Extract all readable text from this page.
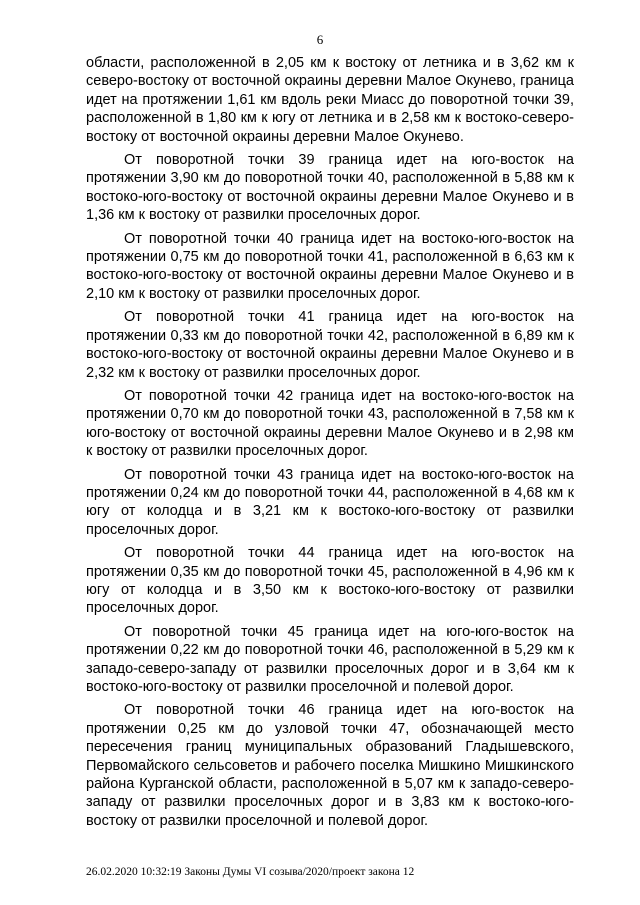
6

области, расположенной в 2,05 км к востоку от летника и в 3,62 км к северо-востоку от восточной окраины деревни Малое Окунево, граница идет на протяжении 1,61 км вдоль реки Миасс до поворотной точки 39, расположенной в 1,80 км к югу от летника и в 2,58 км к востоко-северо-востоку от восточной окраины деревни Малое Окунево.

От поворотной точки 39 граница идет на юго-восток на протяжении 3,90 км до поворотной точки 40, расположенной в 5,88 км к востоко-юго-востоку от восточной окраины деревни Малое Окунево и в 1,36 км к востоку от развилки проселочных дорог.

От поворотной точки 40 граница идет на востоко-юго-восток на протяжении 0,75 км до поворотной точки 41, расположенной в 6,63 км к востоко-юго-востоку от восточной окраины деревни Малое Окунево и в 2,10 км к востоку от развилки проселочных дорог.

От поворотной точки 41 граница идет на юго-восток на протяжении 0,33 км до поворотной точки 42, расположенной в 6,89 км к востоко-юго-востоку от восточной окраины деревни Малое Окунево и в 2,32 км к востоку от развилки проселочных дорог.

От поворотной точки 42 граница идет на востоко-юго-восток на протяжении 0,70 км до поворотной точки 43, расположенной в 7,58 км к юго-востоку от восточной окраины деревни Малое Окунево и в 2,98 км к востоку от развилки проселочных дорог.

От поворотной точки 43 граница идет на востоко-юго-восток на протяжении 0,24 км до поворотной точки 44, расположенной в 4,68 км к югу от колодца и в 3,21 км к востоко-юго-востоку от развилки проселочных дорог.

От поворотной точки 44 граница идет на юго-восток на протяжении 0,35 км до поворотной точки 45, расположенной в 4,96 км к югу от колодца и в 3,50 км к востоко-юго-востоку от развилки проселочных дорог.

От поворотной точки 45 граница идет на юго-юго-восток на протяжении 0,22 км до поворотной точки 46, расположенной в 5,29 км к западо-северо-западу от развилки проселочных дорог и в 3,64 км к востоко-юго-востоку от развилки проселочной и полевой дорог.

От поворотной точки 46 граница идет на юго-восток на протяжении 0,25 км до узловой точки 47, обозначающей место пересечения границ муниципальных образований Гладышевского, Первомайского сельсоветов и рабочего поселка Мишкино Мишкинского района Курганской области, расположенной в 5,07 км к западо-северо-западу от развилки проселочных дорог и в 3,83 км к востоко-юго-востоку от развилки проселочной и полевой дорог.

26.02.2020 10:32:19 Законы Думы VI созыва/2020/проект закона 12
